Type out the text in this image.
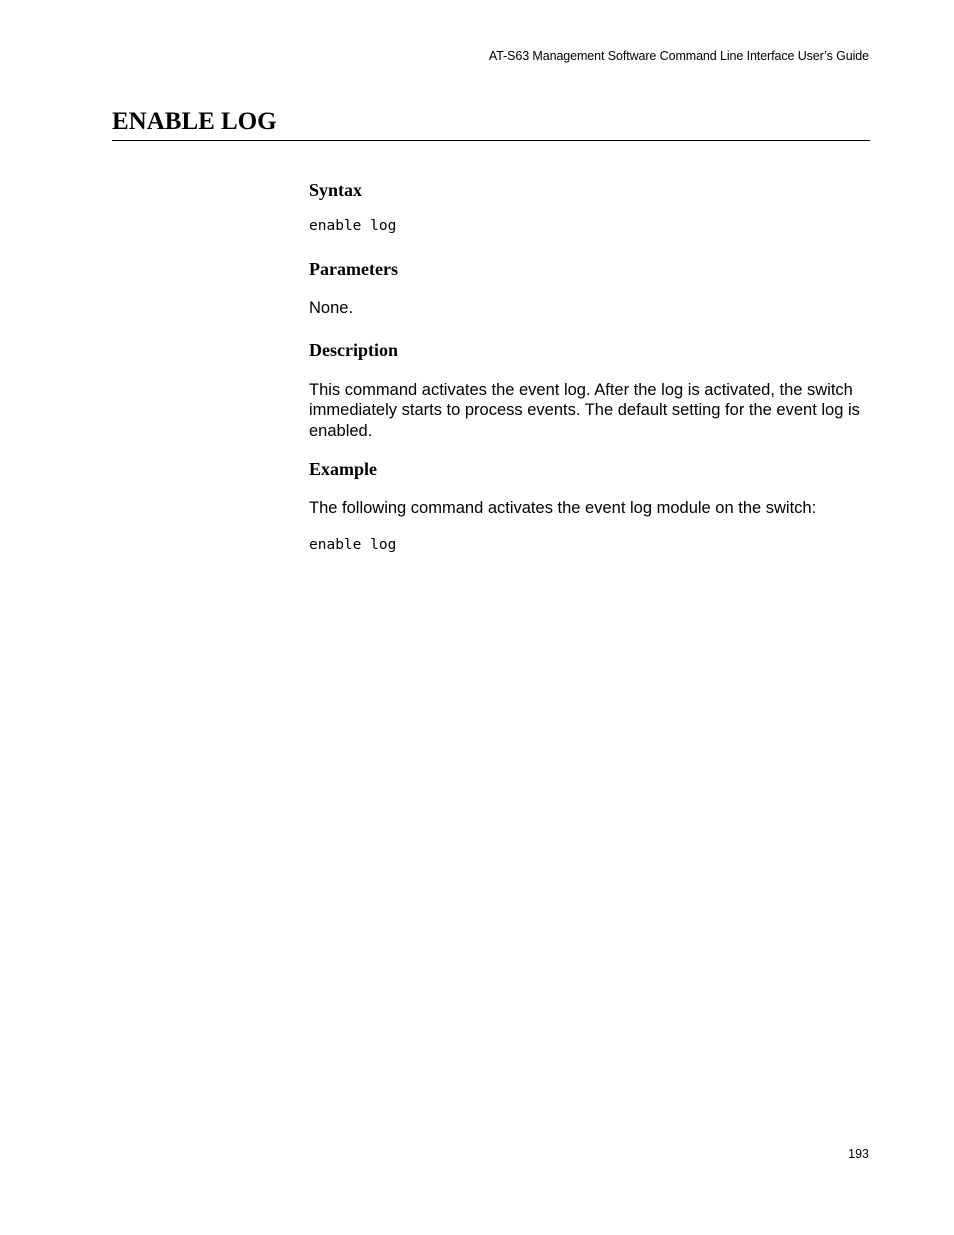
AT-S63 Management Software Command Line Interface User’s Guide
ENABLE LOG
Syntax
enable log
Parameters

None.

Description

This command activates the event log. After the log is activated, the switch immediately starts to process events. The default setting for the event log is enabled.

Example

The following command activates the event log module on the switch:

enable log
193
